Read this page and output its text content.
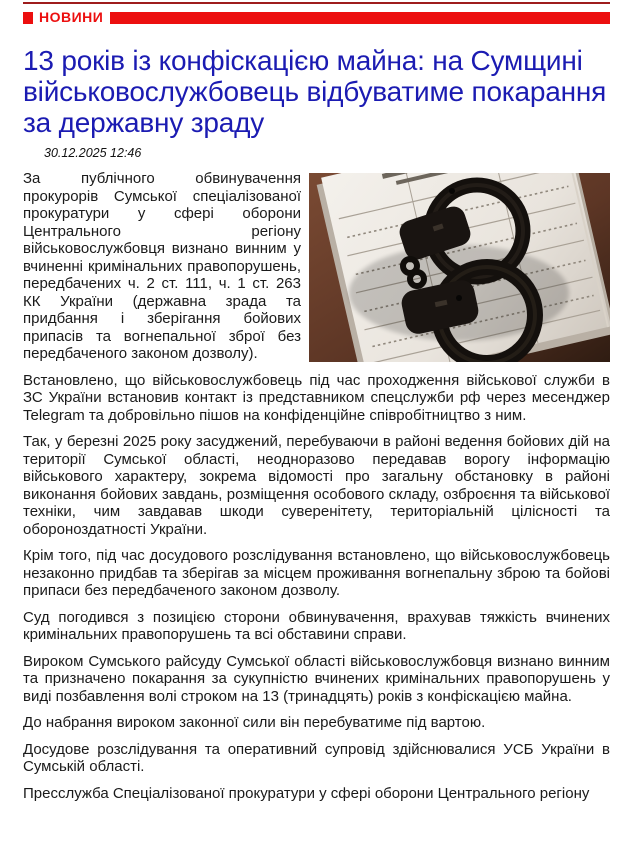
НОВИНИ
13 років із конфіскацією майна: на Сумщині військовослужбовець відбуватиме покарання за державну зраду
30.12.2025 12:46

За публічного обвинувачення прокурорів Сумської спеціалізованої прокуратури у сфері оборони Центрального регіону військовослужбовця визнано винним у вчиненні кримінальних правопорушень, передбачених ч. 2 ст. 111, ч. 1 ст. 263 КК України (державна зрада та придбання і зберігання бойових припасів та вогнепальної зброї без передбаченого законом дозволу).

Встановлено, що військовослужбовець під час проходження військової служби в ЗС України встановив контакт із представником спецслужби рф через месенджер Telegram та добровільно пішов на конфіденційне співробітництво з ним.

Так, у березні 2025 року засуджений, перебуваючи в районі ведення бойових дій на території Сумської області, неодноразово передавав ворогу інформацію військового характеру, зокрема відомості про загальну обстановку в районі виконання бойових завдань, розміщення особового складу, озброєння та військової техніки, чим завдавав шкоди суверенітету, територіальній цілісності та обороноздатності України.

Крім того, під час досудового розслідування встановлено, що військовослужбовець незаконно придбав та зберігав за місцем проживання вогнепальну зброю та бойові припаси без передбаченого законом дозволу.

Суд погодився з позицією сторони обвинувачення, врахував тяжкість вчинених кримінальних правопорушень та всі обставини справи.

Вироком Сумського райсуду Сумської області військовослужбовця визнано винним та призначено покарання за сукупністю вчинених кримінальних правопорушень у виді позбавлення волі строком на 13 (тринадцять) років з конфіскацією майна.

До набрання вироком законної сили він перебуватиме під вартою.

Досудове розслідування та оперативний супровід здійснювалися УСБ України в Сумській області.

Пресслужба Спеціалізованої прокуратури у сфері оборони Центрального регіону
